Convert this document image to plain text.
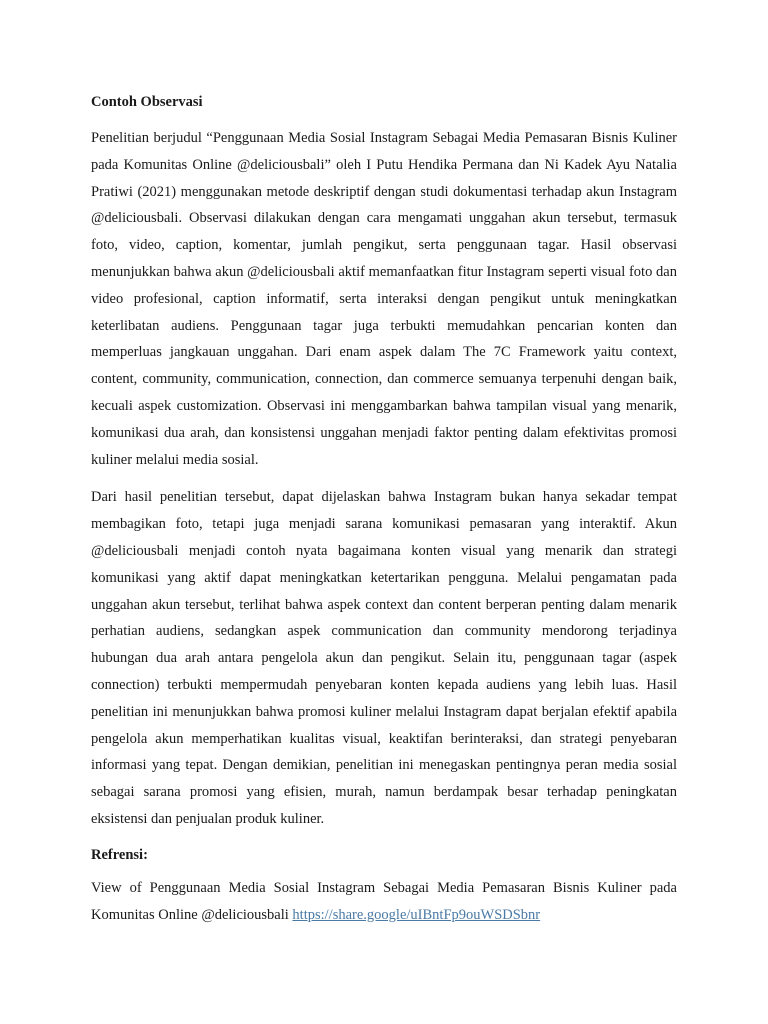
Contoh Observasi

Penelitian berjudul “Penggunaan Media Sosial Instagram Sebagai Media Pemasaran Bisnis Kuliner pada Komunitas Online @deliciousbali” oleh I Putu Hendika Permana dan Ni Kadek Ayu Natalia Pratiwi (2021) menggunakan metode deskriptif dengan studi dokumentasi terhadap akun Instagram @deliciousbali. Observasi dilakukan dengan cara mengamati unggahan akun tersebut, termasuk foto, video, caption, komentar, jumlah pengikut, serta penggunaan tagar. Hasil observasi menunjukkan bahwa akun @deliciousbali aktif memanfaatkan fitur Instagram seperti visual foto dan video profesional, caption informatif, serta interaksi dengan pengikut untuk meningkatkan keterlibatan audiens. Penggunaan tagar juga terbukti memudahkan pencarian konten dan memperluas jangkauan unggahan. Dari enam aspek dalam The 7C Framework yaitu context, content, community, communication, connection, dan commerce semuanya terpenuhi dengan baik, kecuali aspek customization. Observasi ini menggambarkan bahwa tampilan visual yang menarik, komunikasi dua arah, dan konsistensi unggahan menjadi faktor penting dalam efektivitas promosi kuliner melalui media sosial.

Dari hasil penelitian tersebut, dapat dijelaskan bahwa Instagram bukan hanya sekadar tempat membagikan foto, tetapi juga menjadi sarana komunikasi pemasaran yang interaktif. Akun @deliciousbali menjadi contoh nyata bagaimana konten visual yang menarik dan strategi komunikasi yang aktif dapat meningkatkan ketertarikan pengguna. Melalui pengamatan pada unggahan akun tersebut, terlihat bahwa aspek context dan content berperan penting dalam menarik perhatian audiens, sedangkan aspek communication dan community mendorong terjadinya hubungan dua arah antara pengelola akun dan pengikut. Selain itu, penggunaan tagar (aspek connection) terbukti mempermudah penyebaran konten kepada audiens yang lebih luas. Hasil penelitian ini menunjukkan bahwa promosi kuliner melalui Instagram dapat berjalan efektif apabila pengelola akun memperhatikan kualitas visual, keaktifan berinteraksi, dan strategi penyebaran informasi yang tepat. Dengan demikian, penelitian ini menegaskan pentingnya peran media sosial sebagai sarana promosi yang efisien, murah, namun berdampak besar terhadap peningkatan eksistensi dan penjualan produk kuliner.

Refrensi:

View of Penggunaan Media Sosial Instagram Sebagai Media Pemasaran Bisnis Kuliner pada Komunitas Online @deliciousbali https://share.google/uIBntFp9ouWSDSbnr
